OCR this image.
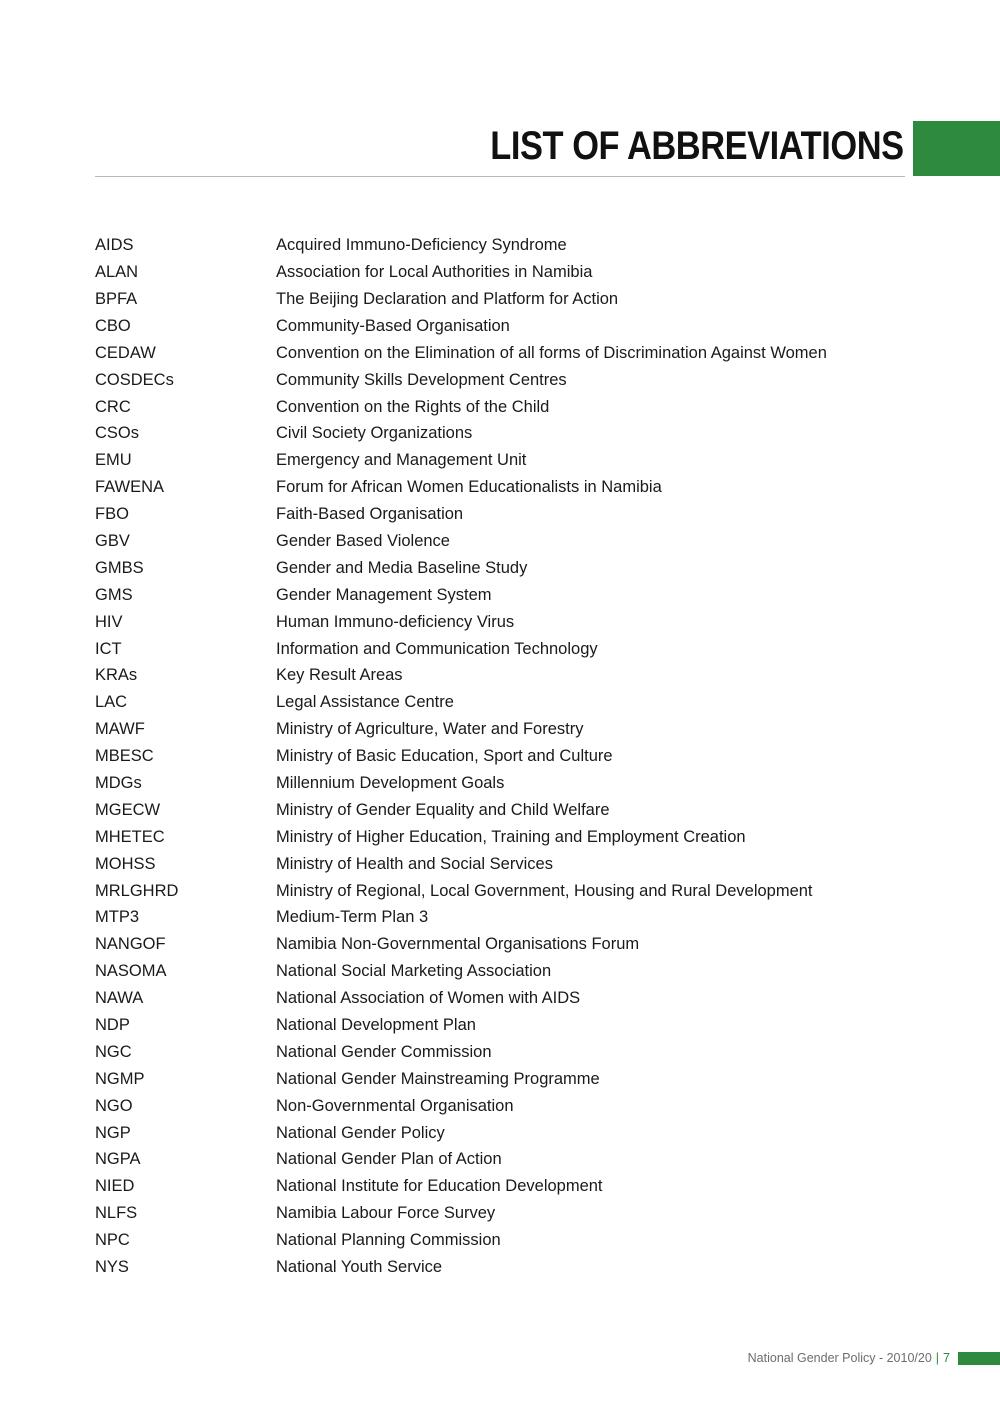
LIST OF ABBREVIATIONS
AIDS	Acquired Immuno-Deficiency Syndrome
ALAN	Association for Local Authorities in Namibia
BPFA	The Beijing Declaration and Platform for Action
CBO	Community-Based Organisation
CEDAW	Convention on the Elimination of all forms of Discrimination Against Women
COSDECs	Community Skills Development Centres
CRC	Convention on the Rights of the Child
CSOs	Civil Society Organizations
EMU	Emergency and Management Unit
FAWENA	Forum for African Women Educationalists in Namibia
FBO	Faith-Based Organisation
GBV	Gender Based Violence
GMBS	Gender and Media Baseline Study
GMS	Gender Management System
HIV	Human Immuno-deficiency Virus
ICT	Information and Communication Technology
KRAs	Key Result Areas
LAC	Legal Assistance Centre
MAWF	Ministry of Agriculture, Water and Forestry
MBESC	Ministry of Basic Education, Sport and Culture
MDGs	Millennium Development Goals
MGECW	Ministry of Gender Equality and Child Welfare
MHETEC	Ministry of Higher Education, Training and Employment Creation
MOHSS	Ministry of Health and Social Services
MRLGHRD	Ministry of Regional, Local Government, Housing and Rural Development
MTP3	Medium-Term Plan 3
NANGOF	Namibia Non-Governmental Organisations Forum
NASOMA	National Social Marketing Association
NAWA	National Association of Women with AIDS
NDP	National Development Plan
NGC	National Gender Commission
NGMP	National Gender Mainstreaming Programme
NGO	Non-Governmental Organisation
NGP	National Gender Policy
NGPA	National Gender Plan of Action
NIED	National Institute for Education Development
NLFS	Namibia Labour Force Survey
NPC	National Planning Commission
NYS	National Youth Service
National Gender Policy - 2010/20 | 7
